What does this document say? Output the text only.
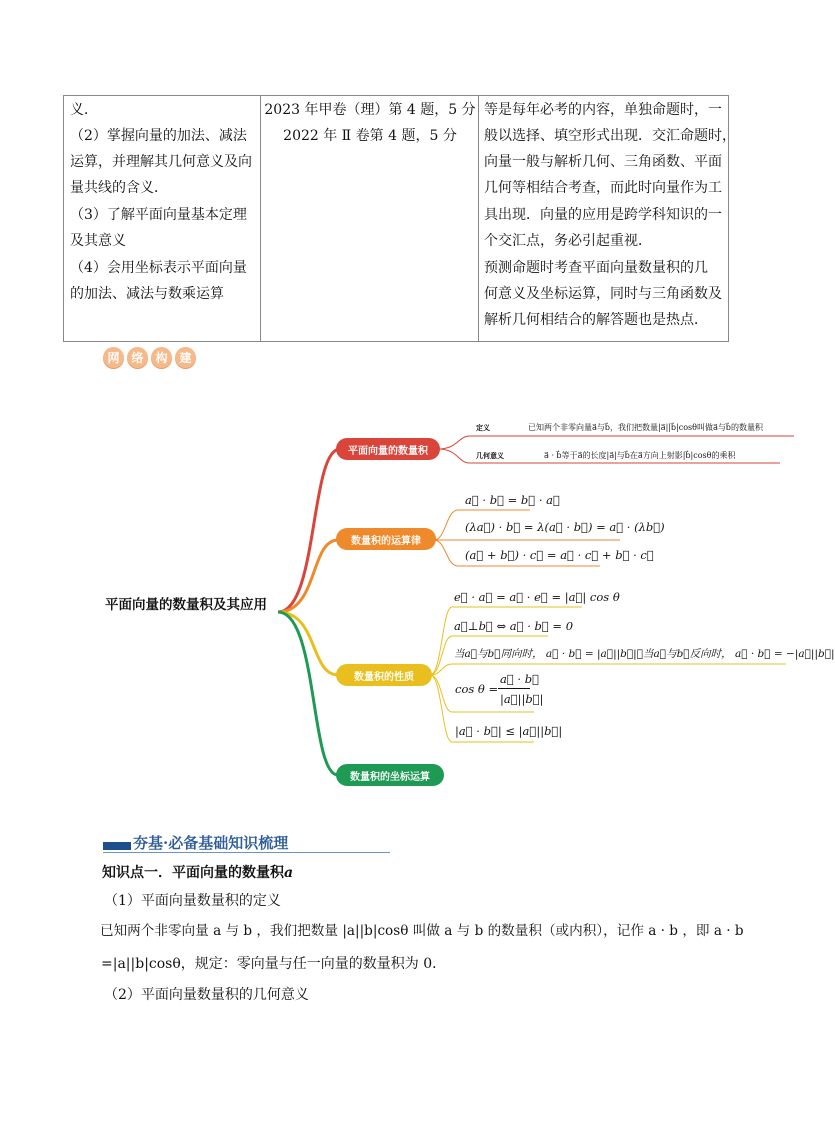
义．
（2）掌握向量的加法、减法
运算，并理解其几何意义及向
量共线的含义．
（3）了解平面向量基本定理
及其意义
（4）会用坐标表示平面向量
的加法、减法与数乘运算
2023 年甲卷（理）第 4 题，5 分
2022 年 Ⅱ 卷第 4 题，5 分
等是每年必考的内容，单独命题时，一
般以选择、填空形式出现．交汇命题时，
向量一般与解析几何、三角函数、平面
几何等相结合考查，而此时向量作为工
具出现．向量的应用是跨学科知识的一
个交汇点，务必引起重视．
预测命题时考查平面向量数量积的几
何意义及坐标运算，同时与三角函数及
解析几何相结合的解答题也是热点．
网 络 构 建
平面向量的数量积及其应用
平面向量的数量积
数量积的运算律
数量积的性质
数量积的坐标运算
定义
几何意义
已知两个非零向量a⃗与b⃗，我们把数量|a⃗||b⃗|cosθ叫做a⃗与b⃗的数量积
a⃗ · b⃗等于a⃗的长度|a⃗|与b⃗在a⃗方向上射影|b⃗|cosθ的乘积
a⃗ · b⃗ = b⃗ · a⃗
(λa⃗) · b⃗ = λ(a⃗ · b⃗) = a⃗ · (λb⃗)
(a⃗ + b⃗) · c⃗ = a⃗ · c⃗ + b⃗ · c⃗
e⃗ · a⃗ = a⃗ · e⃗ = |a⃗| cos θ
a⃗⊥b⃗ ⇔ a⃗ · b⃗ = 0
当a⃗与b⃗同向时， a⃗ · b⃗ = |a⃗||b⃗|；当a⃗与b⃗反向时， a⃗ · b⃗ = −|a⃗||b⃗|
cos θ =
a⃗ · b⃗
|a⃗||b⃗|
|a⃗ · b⃗| ≤ |a⃗||b⃗|
夯基·必备基础知识梳理
知识点一．平面向量的数量积a
（1）平面向量数量积的定义
已知两个非零向量 a 与 b ，我们把数量 |a||b|cosθ 叫做 a 与 b 的数量积（或内积），记作 a · b ，即 a · b
=|a||b|cosθ，规定：零向量与任一向量的数量积为 0．
（2）平面向量数量积的几何意义
